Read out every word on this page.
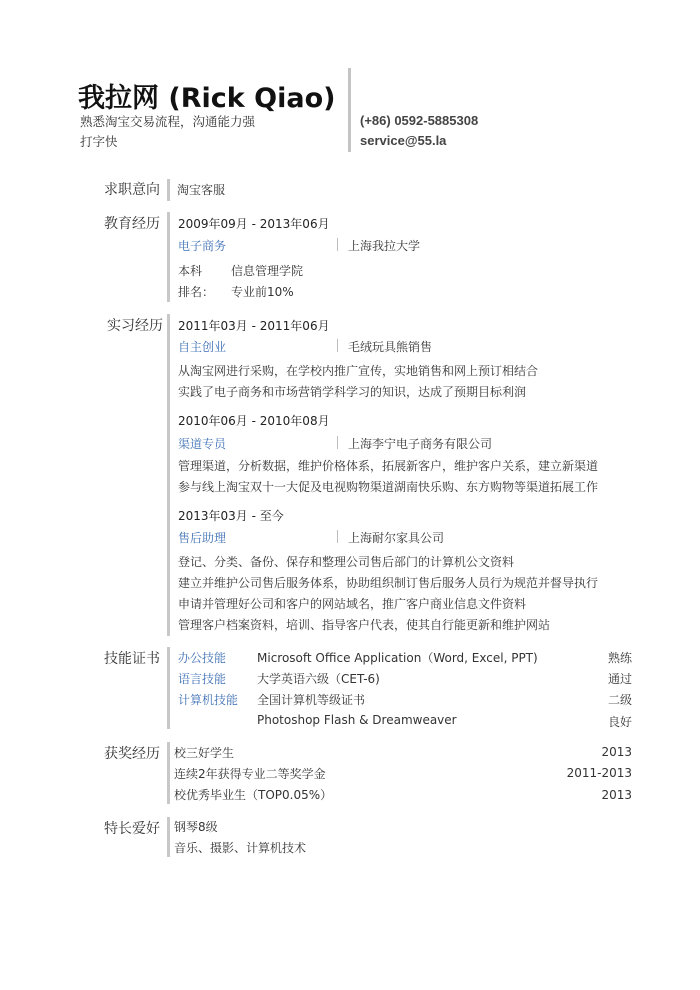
我拉网 (Rick Qiao)
熟悉淘宝交易流程，沟通能力强
打字快
(+86) 0592-5885308
service@55.la
求职意向 淘宝客服
教育经历 2009年09月 - 2013年06月
电子商务	上海我拉大学
本科 信息管理学院
排名： 专业前10%
实习经历 2011年03月 - 2011年06月
自主创业	毛绒玩具熊销售
从淘宝网进行采购，在学校内推广宣传，实地销售和网上预订相结合
实践了电子商务和市场营销学科学习的知识，达成了预期目标利润
2010年06月 - 2010年08月
渠道专员	上海李宁电子商务有限公司
管理渠道，分析数据，维护价格体系，拓展新客户，维护客户关系，建立新渠道
参与线上淘宝双十一大促及电视购物渠道湖南快乐购、东方购物等渠道拓展工作
2013年03月 - 至今
售后助理	上海耐尔家具公司
登记、分类、备份、保存和整理公司售后部门的计算机公文资料
建立并维护公司售后服务体系，协助组织制订售后服务人员行为规范并督导执行
申请并管理好公司和客户的网站域名，推广客户商业信息文件资料
管理客户档案资料，培训、指导客户代表，使其自行能更新和维护网站
技能证书 办公技能	Microsoft Office Application（Word, Excel, PPT)	熟练
语言技能	大学英语六级（CET-6)	通过
计算机技能 全国计算机等级证书	二级
Photoshop Flash & Dreamweaver	良好
获奖经历 校三好学生	2013
连续2年获得专业二等奖学金	2011-2013
校优秀毕业生（TOP0.05%）	2013
特长爱好 钢琴8级
音乐、摄影、计算机技术
